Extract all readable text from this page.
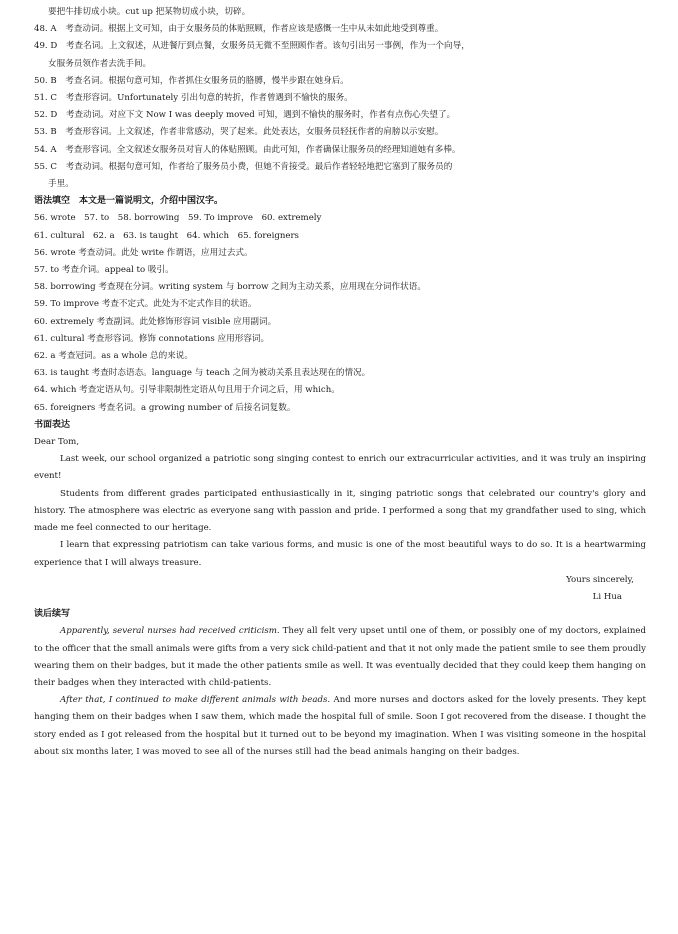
要把牛排切成小块。cut up 把某物切成小块，切碎。
48. A　考查动词。根据上文可知，由于女服务员的体贴照顾，作者应该是感慨一生中从未如此地受到尊重。
49. D　考查名词。上文叙述，从进餐厅到点餐，女服务员无微不至照顾作者。该句引出另一事例，作为一个向导，
女服务员领作者去洗手间。
50. B　考查名词。根据句意可知，作者抓住女服务员的胳膊，慢半步跟在她身后。
51. C　考查形容词。Unfortunately 引出句意的转折，作者曾遇到不愉快的服务。
52. D　考查动词。对应下文 Now I was deeply moved 可知，遇到不愉快的服务时，作者有点伤心失望了。
53. B　考查形容词。上文叙述，作者非常感动，哭了起来。此处表达，女服务员轻抚作者的肩膀以示安慰。
54. A　考查形容词。全文叙述女服务员对盲人的体贴照顾。由此可知，作者确保让服务员的经理知道她有多棒。
55. C　考查动词。根据句意可知，作者给了服务员小费，但她不肯接受。最后作者轻轻地把它塞到了服务员的
手里。
语法填空　本文是一篇说明文，介绍中国汉字。
56. wrote　57. to　58. borrowing　59. To improve　60. extremely
61. cultural　62. a　63. is taught　64. which　65. foreigners
56. wrote 考查动词。此处 write 作谓语，应用过去式。
57. to 考查介词。appeal to 吸引。
58. borrowing 考查现在分词。writing system 与 borrow 之间为主动关系，应用现在分词作状语。
59. To improve 考查不定式。此处为不定式作目的状语。
60. extremely 考查副词。此处修饰形容词 visible 应用副词。
61. cultural 考查形容词。修饰 connotations 应用形容词。
62. a 考查冠词。as a whole 总的来说。
63. is taught 考查时态语态。language 与 teach 之间为被动关系且表达现在的情况。
64. which 考查定语从句。引导非限制性定语从句且用于介词之后，用 which。
65. foreigners 考查名词。a growing number of 后接名词复数。
书面表达
Dear Tom,
Last week, our school organized a patriotic song singing contest to enrich our extracurricular activities, and it was truly an inspiring event!
Students from different grades participated enthusiastically in it, singing patriotic songs that celebrated our country's glory and history. The atmosphere was electric as everyone sang with passion and pride. I performed a song that my grandfather used to sing, which made me feel connected to our heritage.
I learn that expressing patriotism can take various forms, and music is one of the most beautiful ways to do so. It is a heartwarming experience that I will always treasure.
Yours sincerely,
Li Hua
读后续写
Apparently, several nurses had received criticism. They all felt very upset until one of them, or possibly one of my doctors, explained to the officer that the small animals were gifts from a very sick child-patient and that it not only made the patient smile to see them proudly wearing them on their badges, but it made the other patients smile as well. It was eventually decided that they could keep them hanging on their badges when they interacted with child-patients.
After that, I continued to make different animals with beads. And more nurses and doctors asked for the lovely presents. They kept hanging them on their badges when I saw them, which made the hospital full of smile. Soon I got recovered from the disease. I thought the story ended as I got released from the hospital but it turned out to be beyond my imagination. When I was visiting someone in the hospital about six months later, I was moved to see all of the nurses still had the bead animals hanging on their badges.
